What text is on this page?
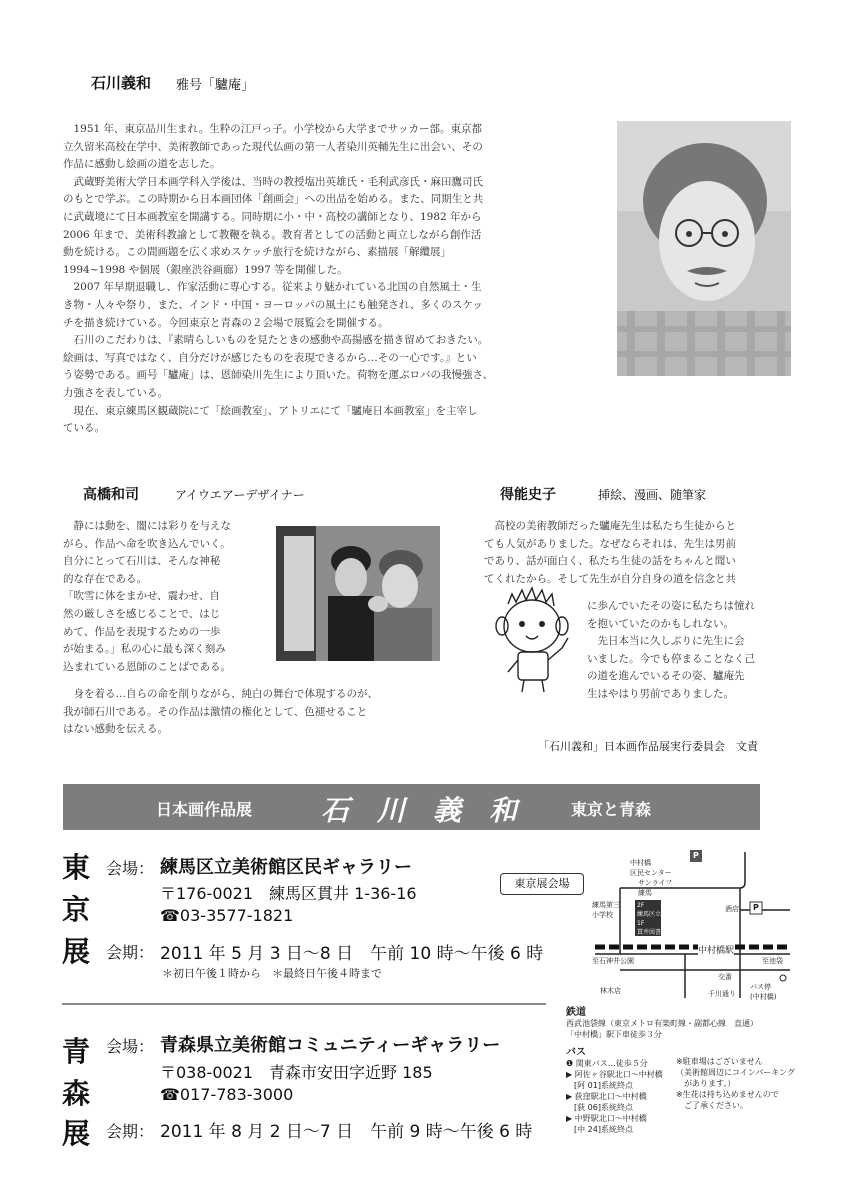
石川義和 雅号「驢庵」
　1951 年、東京品川生まれ。生粋の江戸っ子。小学校から大学までサッカー部。東京都
立久留米高校在学中、美術教師であった現代仏画の第一人者染川英輔先生に出会い、その
作品に感動し絵画の道を志した。
　武蔵野美術大学日本画学科入学後は、当時の教授塩出英雄氏・毛利武彦氏・麻田鷹司氏
のもとで学ぶ。この時期から日本画団体「創画会」への出品を始める。また、同期生と共
に武蔵境にて日本画教室を開講する。同時期に小・中・高校の講師となり、1982 年から
2006 年まで、美術科教諭として教鞭を執る。教育者としての活動と両立しながら創作活
動を続ける。この間画題を広く求めスケッチ旅行を続けながら、素描展「解纜展」
1994~1998 や個展（銀座渋谷画廊）1997 等を開催した。
　2007 年早期退職し、作家活動に専心する。従来より魅かれている北国の自然風土・生
き物・人々や祭り、また、インド・中国・ヨーロッパの風土にも触発され、多くのスケッ
チを描き続けている。今回東京と青森の２会場で展覧会を開催する。
　石川のこだわりは、『素晴らしいものを見たときの感動や高揚感を描き留めておきたい。
絵画は、写真ではなく、自分だけが感じたものを表現できるから…その一心です。』とい
う姿勢である。画号「驢庵」は、恩師染川先生により頂いた。荷物を運ぶロバの我慢強さ、
力強さを表している。
　現在、東京練馬区観蔵院にて「絵画教室」、アトリエにて「驢庵日本画教室」を主宰し
ている。
高橋和司	アイウエアーデザイナー
　静には動を、闇には彩りを与えな
がら、作品へ命を吹き込んでいく。
自分にとって石川は、そんな神秘
的な存在である。
「吹雪に体をまかせ、震わせ、自
然の厳しさを感じることで、はじ
めて、作品を表現するための一歩
が始まる。」私の心に最も深く刻み
込まれている恩師のことばである。
　身を着る…自らの命を削りながら、純白の舞台で体現するのが、
我が師石川である。その作品は激情の権化として、色褪せること
はない感動を伝える。
得能史子	挿絵、漫画、随筆家
　高校の美術教師だった驢庵先生は私たち生徒からと
ても人気がありました。なぜならそれは、先生は男前
であり、話が面白く、私たち生徒の話をちゃんと聞い
てくれたから。そして先生が自分自身の道を信念と共
に歩んでいたその姿に私たちは憧れ
を抱いていたのかもしれない。
　先日本当に久しぶりに先生に会
いました。今でも停まることなく己
の道を進んでいるその姿、驢庵先
生はやはり男前でありました。
「石川義和」日本画作品展実行委員会　文責
日本画作品展 石　川　義　和	東京と青森
東
京
展
会場： 練馬区立美術館区民ギャラリー
〒176-0021　練馬区貫井 1-36-16
☎03-3577-1821
会期： 2011 年 5 月 3 日～8 日　午前 10 時～午後 6 時
＊初日午後１時から　＊最終日午後４時まで
青
森
展
会場： 青森県立美術館コミュニティーギャラリー
〒038-0021　青森市安田字近野 185
☎017-783-3000
会期： 2011 年 8 月 2 日～7 日　午前 9 時～午後 6 時
東京展会場
中村橋
区民センター
P
P
サンライフ
練馬
練馬第三
小学校
2F
練馬区立美術館
1F
貫井図書館
酒店
中村橋駅
至石神井公園	至池袋
林木店
交番
千川通り
バス停
(中村橋)
鉄道
西武池袋線（東京メトロ有楽町線・副都心線　直通）
「中村橋」駅下車徒歩３分
バス
❶ 関東バス…徒歩５分
▶ 阿佐ヶ谷駅北口～中村橋
　[阿 01]系統終点
▶ 荻窪駅北口～中村橋
　[荻 06]系統終点
▶ 中野駅北口～中村橋
　[中 24]系統終点
※駐車場はございません
（美術館周辺にコインパーキング
　があります。）
※生花は持ち込めませんので
　ご了承ください。
